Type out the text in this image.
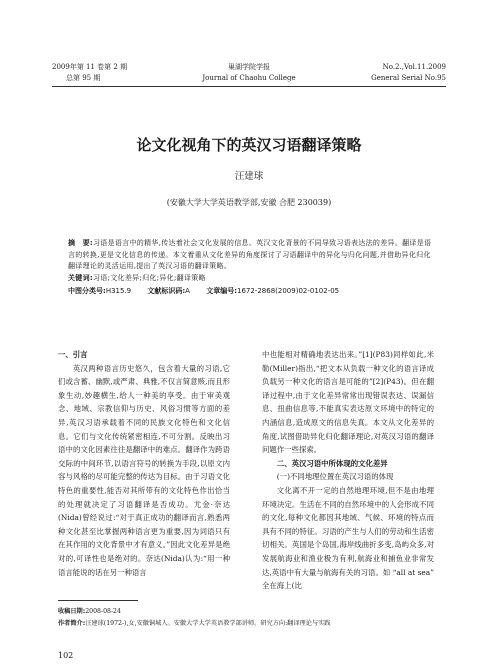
2009年第 11 卷第 2 期
总第 95 期
巢湖学院学报
Journal of Chaohu College
No.2.,Vol.11.2009
General Serial No.95
论文化视角下的英汉习语翻译策略
汪建球
(安徽大学大学英语教学部,安徽 合肥 230039)
摘　要:习语是语言中的精华,传达着社会文化发展的信息。英汉文化背景的不同导致习语表达法的差异。翻译是语言的转换,更是文化信息的传递。本文着重从文化差异的角度探讨了习语翻译中的异化与归化问题,并借助异化归化翻译理论的灵活运用,提出了英汉习语的翻译策略。
关键词:习语;文化差异;归化;异化;翻译策略
中图分类号:H315.9 文献标识码:A 文章编号:1672-2868(2009)02-0102-05

一、引言

英汉两种语言历史悠久，包含着大量的习语,它们或含蓄、幽默,或严肃、典雅,不仅言简意赅,而且形象生动,妙趣横生,给人一种美的享受。由于审美观念、地域、宗教信仰与历史、风俗习惯等方面的差异,英汉习语承载着不同的民族文化特色和文化信息。它们与文化传统紧密相连,不可分割。反映出习语中的文化因素往往是翻译中的难点。翻译作为跨语交际的中间环节,以语言符号的转换为手段,以原文内容与风格的尽可能完整的传达为目标。由于习语文化特色的重要性,能否对其所带有的文化特色作出恰当的处理就决定了习语翻译是否成功。尤金·奈达(Nida)曾经说过:“对于真正成功的翻译而言,熟悉两种文化甚至比掌握两种语言更为重要,因为词语只有在其作用的文化背景中才有意义。”因此文化差异是绝对的,可译性也是绝对的。奈达(Nida)认为:“用一种语言能说的话在另一种语言

中也能相对精确地表达出来。”[1](P83)同样如此,米勒(Miller)指出,“把文本从负载一种文化的语言译成负载另一种文化的语言是可能的”[2](P43)。但在翻译过程中,由于文化差异常常出现错误表达、误漏信息、扭曲信息等,不能真实表达原文环境中的特定的内涵信息,造成原文的信息失真。本文从文化差异的角度,试图借助异化归化翻译理论,对英汉习语的翻译问题作一些探索。

二、英汉习语中所体现的文化差异

(一)不同地理位置在英汉习语的体现

文化离不开一定的自然地理环境,但不是由地理环境决定。生活在不同的自然环境中的人会形成不同的文化,每种文化都因其地域、气候、环境的特点而具有不同的特征。习语的产生与人们的劳动和生活密切相关。英国是个岛国,海岸线曲折多变,岛屿众多,对发展航海业和渔业极为有利,航海业和捕鱼业非常发达,英语中有大量与航海有关的习语。如 “all at sea” 全在海上(比

收稿日期:2008-08-24
作者简介:汪建球(1972-),女,安徽铜城人。安徽大学大学英语教学部讲师。研究方向:翻译理论与实践
102
